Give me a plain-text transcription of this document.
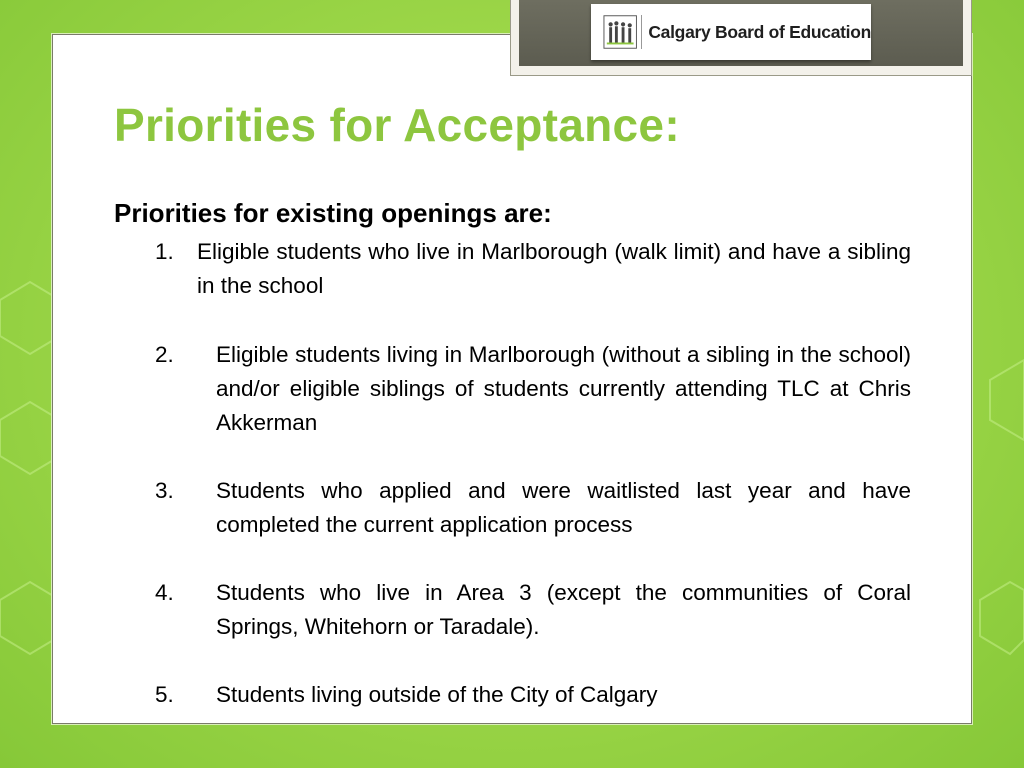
Calgary Board of Education
Priorities for Acceptance:
Priorities for existing openings are:
1. Eligible students who live in Marlborough (walk limit) and have a sibling in the school
2. Eligible students living in Marlborough (without a sibling in the school) and/or eligible siblings of students currently attending TLC at Chris Akkerman
3. Students who applied and were waitlisted last year and have completed the current application process
4. Students who live in Area 3 (except the communities of Coral Springs, Whitehorn or Taradale).
5. Students living outside of the City of Calgary
